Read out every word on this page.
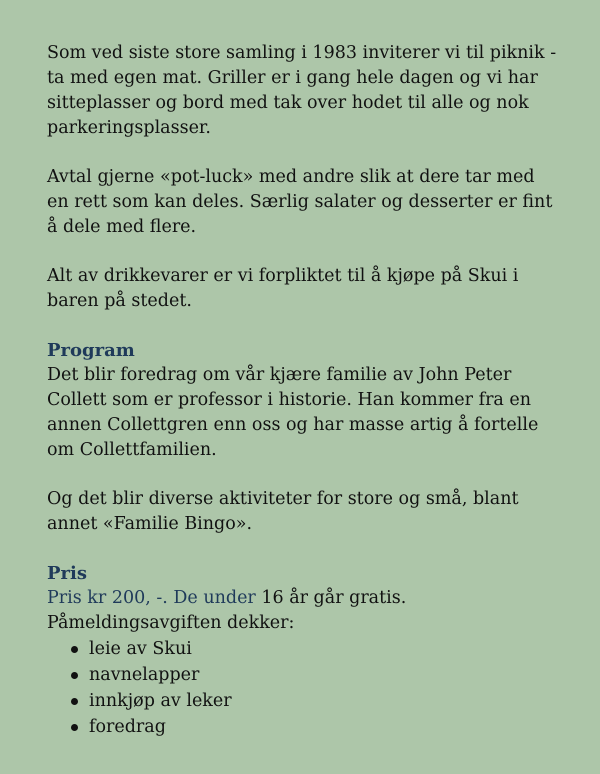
Som ved siste store samling i 1983 inviterer vi til piknik - ta med egen mat. Griller er i gang hele dagen og vi har sitteplasser og bord med tak over hodet til alle og nok parkeringsplasser.

Avtal gjerne «pot-luck» med andre slik at dere tar med en rett som kan deles. Særlig salater og desserter er fint å dele med flere.

Alt av drikkevarer er vi forpliktet til å kjøpe på Skui i baren på stedet.

Program

Det blir foredrag om vår kjære familie av John Peter Collett som er professor i historie. Han kommer fra en annen Collettgren enn oss og har masse artig å fortelle om Collettfamilien.

Og det blir diverse aktiviteter for store og små, blant annet «Familie Bingo».

Pris

Pris kr 200, -. De under 16 år går gratis.

Påmeldingsavgiften dekker:

leie av Skui
navnelapper
innkjøp av leker
foredrag
